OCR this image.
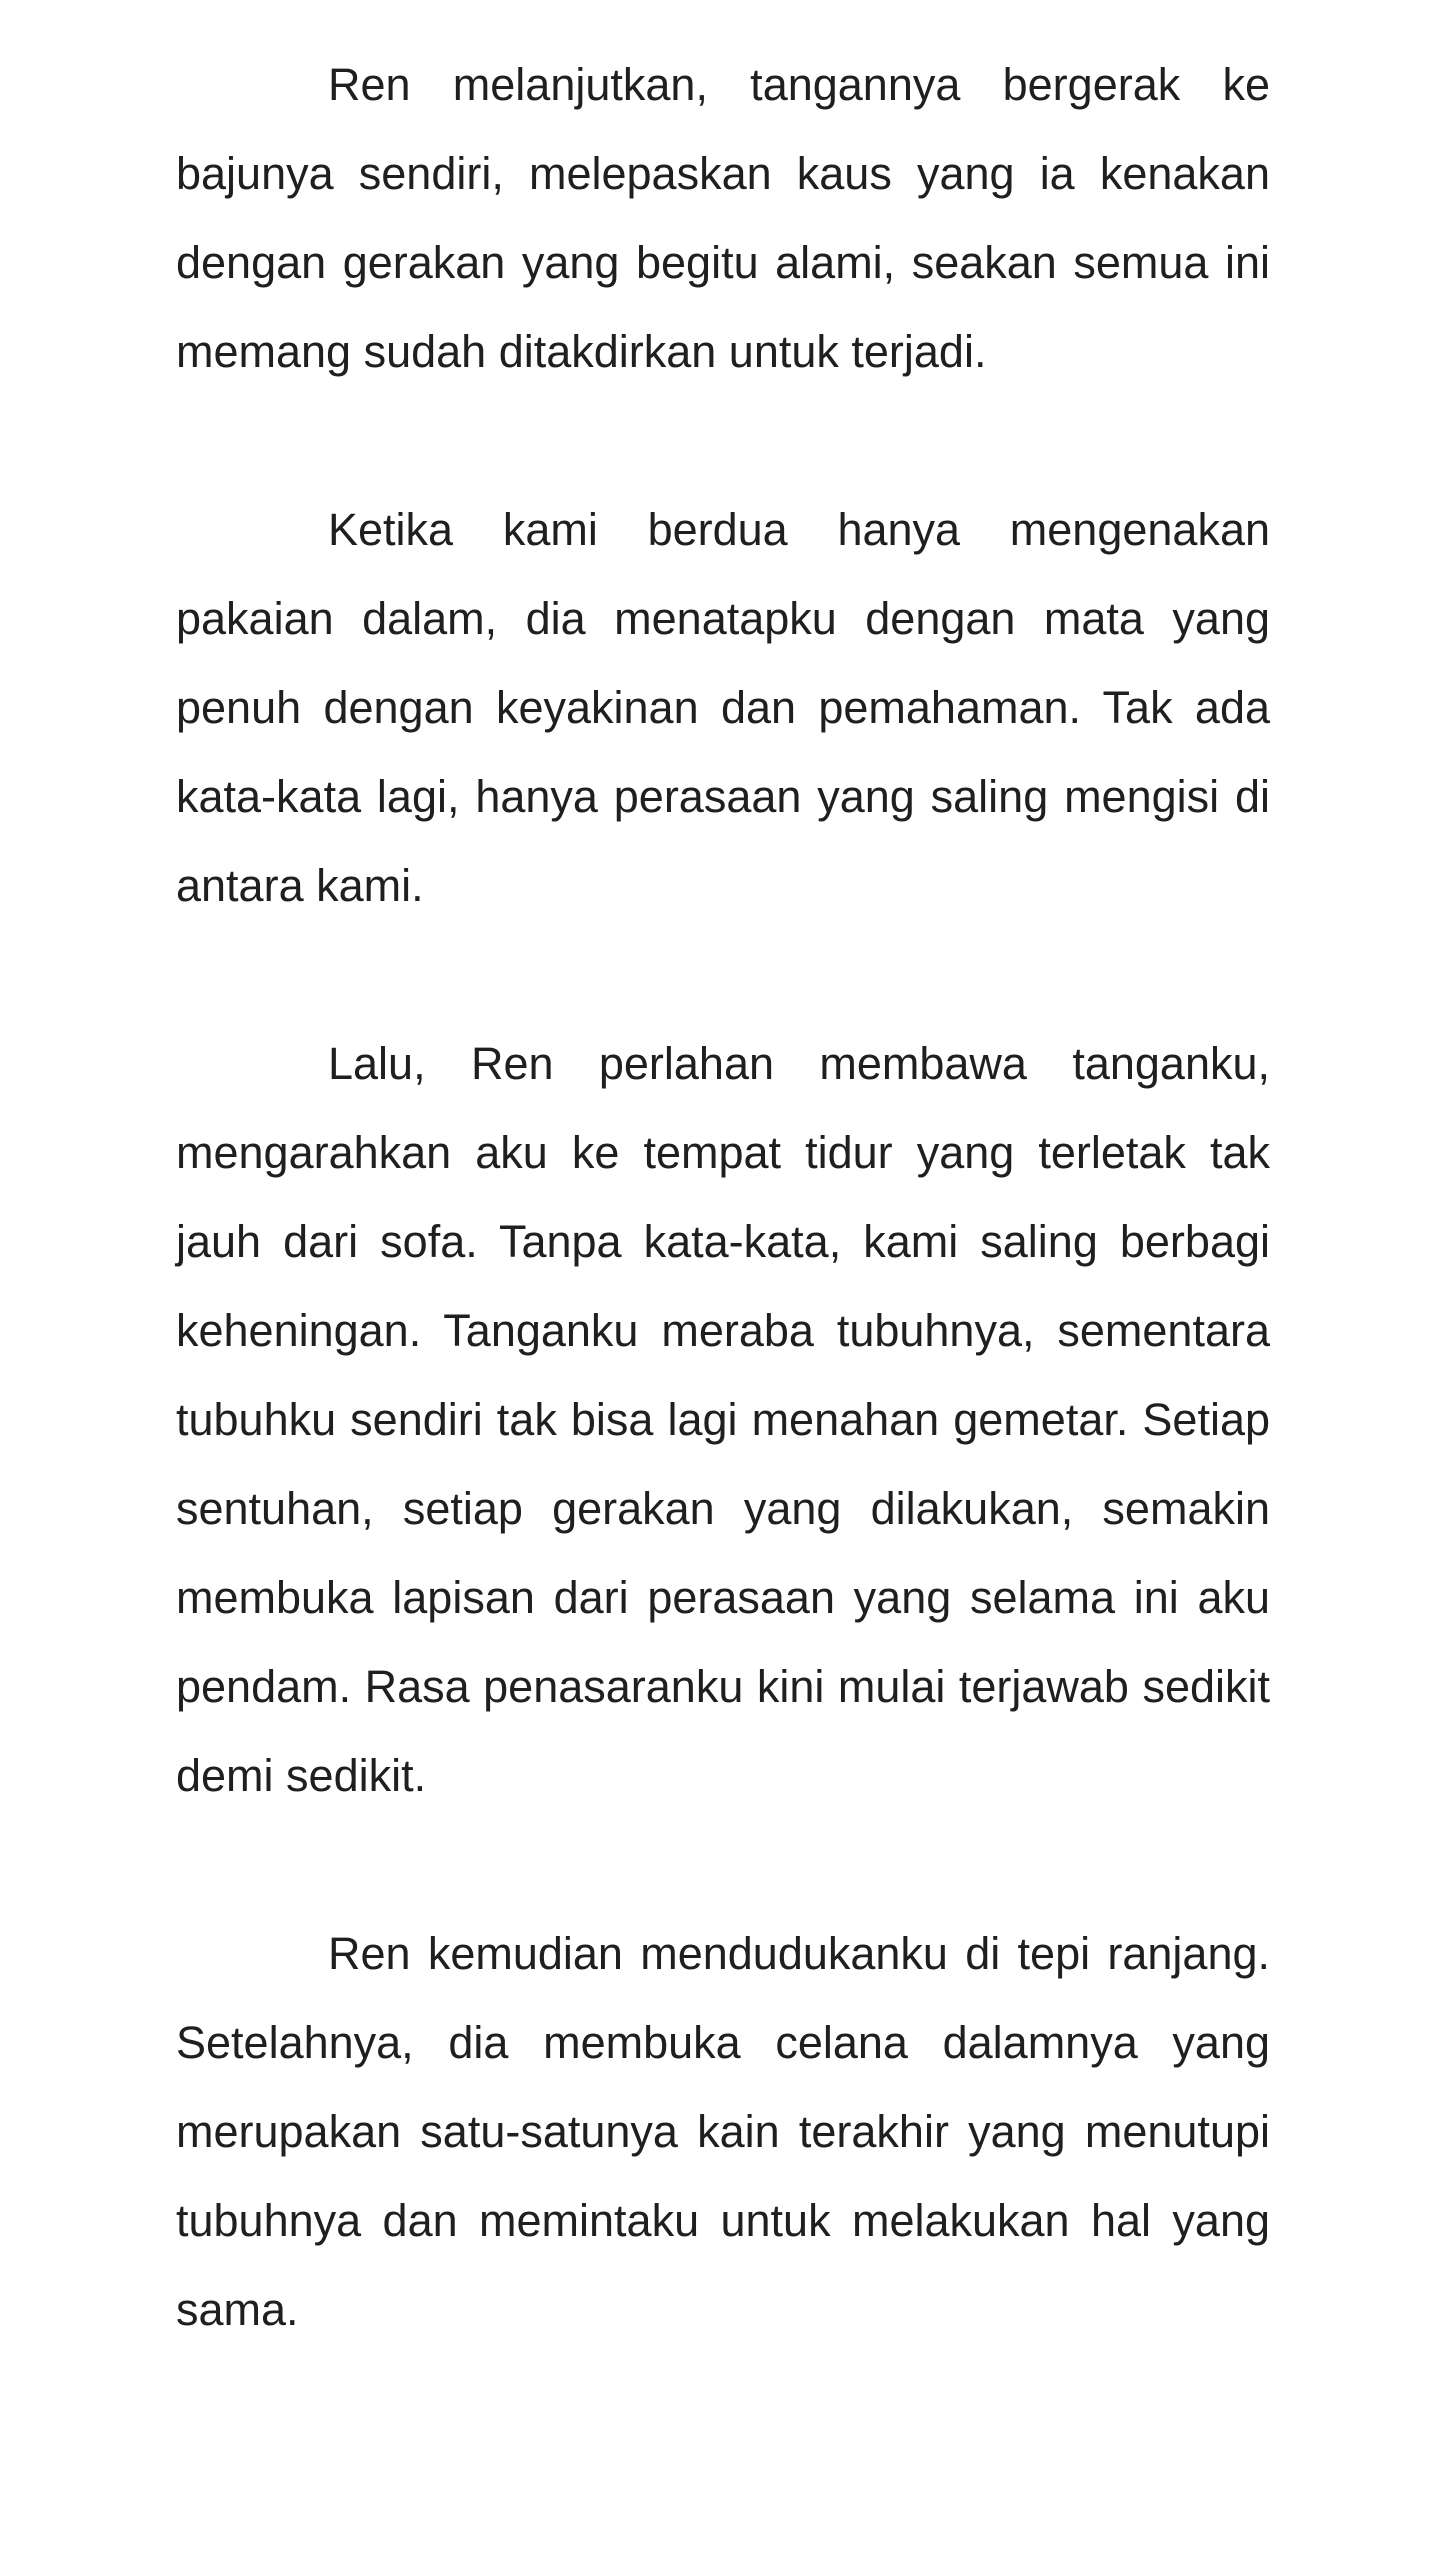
Ren melanjutkan, tangannya bergerak ke bajunya sendiri, melepaskan kaus yang ia kenakan dengan gerakan yang begitu alami, seakan semua ini memang sudah ditakdirkan untuk terjadi.

Ketika kami berdua hanya mengenakan pakaian dalam, dia menatapku dengan mata yang penuh dengan keyakinan dan pemahaman. Tak ada kata-kata lagi, hanya perasaan yang saling mengisi di antara kami.

Lalu, Ren perlahan membawa tanganku, mengarahkan aku ke tempat tidur yang terletak tak jauh dari sofa. Tanpa kata-kata, kami saling berbagi keheningan. Tanganku meraba tubuhnya, sementara tubuhku sendiri tak bisa lagi menahan gemetar. Setiap sentuhan, setiap gerakan yang dilakukan, semakin membuka lapisan dari perasaan yang selama ini aku pendam. Rasa penasaranku kini mulai terjawab sedikit demi sedikit.

Ren kemudian mendudukanku di tepi ranjang. Setelahnya, dia membuka celana dalamnya yang merupakan satu-satunya kain terakhir yang menutupi tubuhnya dan memintaku untuk melakukan hal yang sama.
